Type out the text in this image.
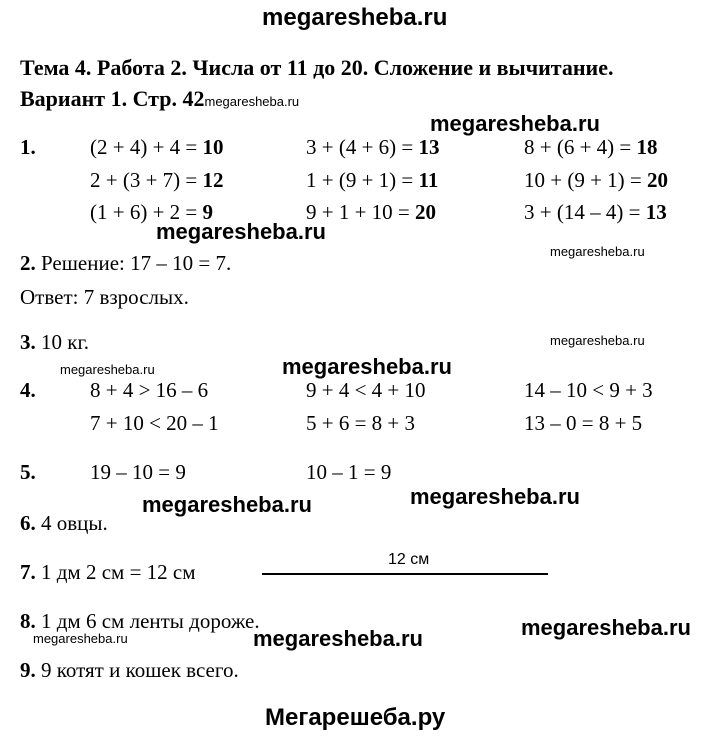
megaresheba.ru
Тема 4. Работа 2. Числа от 11 до 20. Сложение и вычитание.
Вариант 1. Стр. 42megaresheba.ru
megaresheba.ru
megaresheba.ru
megaresheba.ru
megaresheba.ru
megaresheba.ru
megaresheba.ru
megaresheba.ru
megaresheba.ru
megaresheba.ru	megaresheba.ru	megaresheba.ru
1.	(2 + 4) + 4 = 10	3 + (4 + 6) = 13	8 + (6 + 4) = 18
2 + (3 + 7) = 12	1 + (9 + 1) = 11	10 + (9 + 1) = 20
(1 + 6) + 2 = 9	9 + 1 + 10 = 20	3 + (14 – 4) = 13
2. Решение: 17 – 10 = 7.
Ответ: 7 взрослых.
3. 10 кг.
4.	8 + 4 > 16 – 6	9 + 4 < 4 + 10	14 – 10 < 9 + 3
7 + 10 < 20 – 1	5 + 6 = 8 + 3	13 – 0 = 8 + 5
5.	19 – 10 = 9	10 – 1 = 9
6. 4 овцы.
7. 1 дм 2 см = 12 см
12 см
8. 1 дм 6 см ленты дороже.
9. 9 котят и кошек всего.
Мегарешеба.ру
